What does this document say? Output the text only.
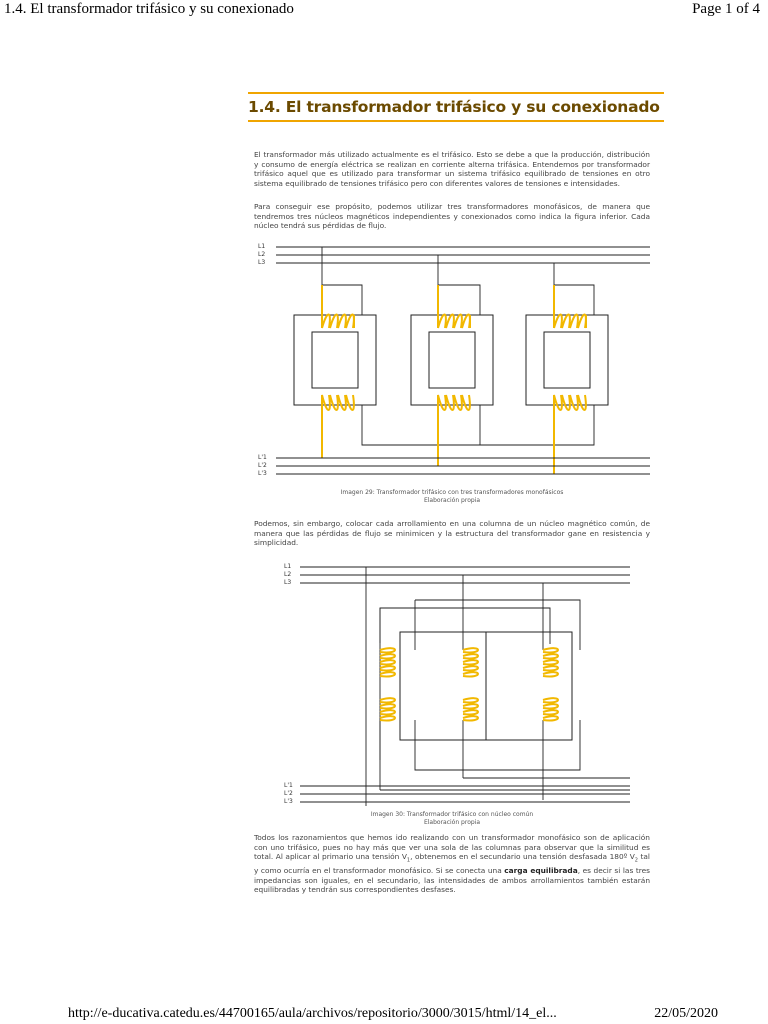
1.4. El transformador trifásico y su conexionado	Page 1 of 4
1.4. El transformador trifásico y su conexionado

El transformador más utilizado actualmente es el trifásico. Esto se debe a que la producción, distribución y consumo de energía eléctrica se realizan en corriente alterna trifásica. Entendemos por transformador trifásico aquel que es utilizado para transformar un sistema trifásico equilibrado de tensiones en otro sistema equilibrado de tensiones trifásico pero con diferentes valores de tensiones e intensidades.

Para conseguir ese propósito, podemos utilizar tres transformadores monofásicos, de manera que tendremos tres núcleos magnéticos independientes y conexionados como indica la figura inferior. Cada núcleo tendrá sus pérdidas de flujo.

L1
L2
L3
L'1
L'2
L'3
Imagen 29: Transformador trifásico con tres transformadores monofásicos
Elaboración propia

Podemos, sin embargo, colocar cada arrollamiento en una columna de un núcleo magnético común, de manera que las pérdidas de flujo se minimicen y la estructura del transformador gane en resistencia y simplicidad.

L1
L2
L3
L'1
L'2
L'3
Imagen 30: Transformador trifásico con núcleo común
Elaboración propia

Todos los razonamientos que hemos ido realizando con un transformador monofásico son de aplicación con uno trifásico, pues no hay más que ver una sola de las columnas para observar que la similitud es total. Al aplicar al primario una tensión $V_1$, obtenemos en el secundario una tensión desfasada 180º $V_2$ tal y como ocurría en el transformador monofásico. Si se conecta una carga equilibrada, es decir si las tres impedancias son iguales, en el secundario, las intensidades de ambos arrollamientos también estarán equilibradas y tendrán sus correspondientes desfases.

http://e-ducativa.catedu.es/44700165/aula/archivos/repositorio/3000/3015/html/14_el...	22/05/2020
